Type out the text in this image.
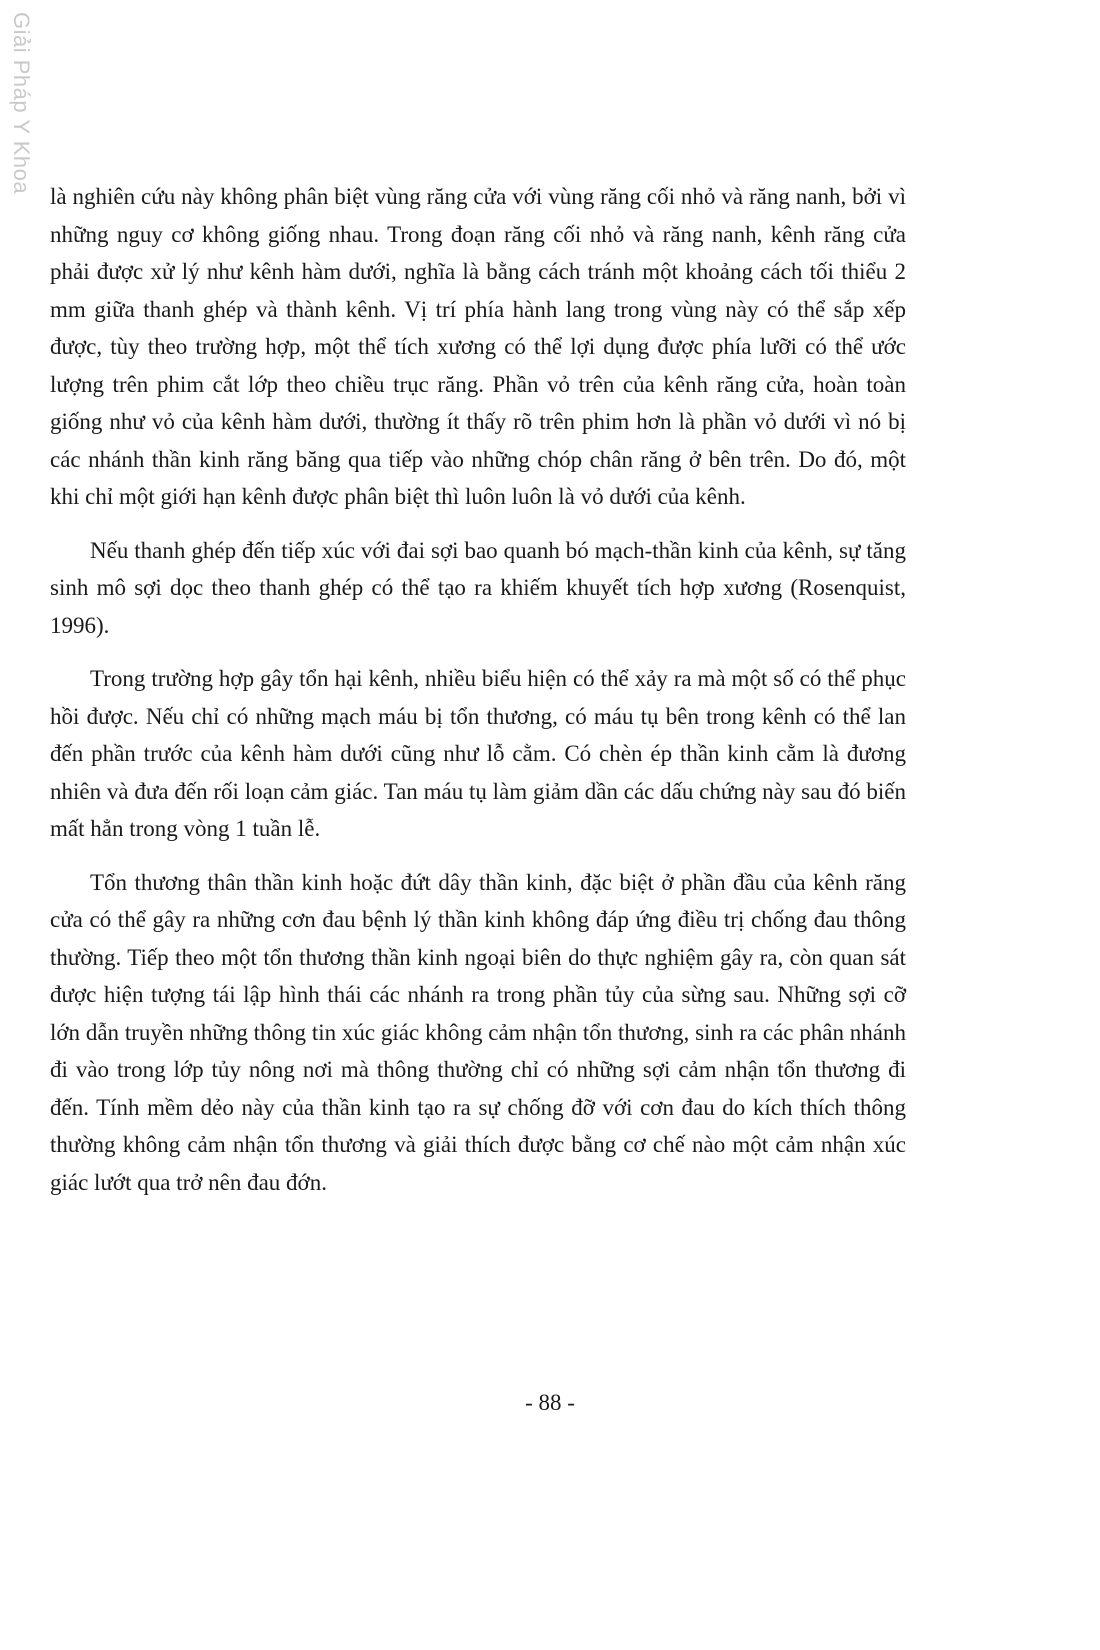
Giải Pháp Y Khoa

là nghiên cứu này không phân biệt vùng răng cửa với vùng răng cối nhỏ và răng nanh, bởi vì những nguy cơ không giống nhau. Trong đoạn răng cối nhỏ và răng nanh, kênh răng cửa phải được xử lý như kênh hàm dưới, nghĩa là bằng cách tránh một khoảng cách tối thiểu 2 mm giữa thanh ghép và thành kênh. Vị trí phía hành lang trong vùng này có thể sắp xếp được, tùy theo trường hợp, một thể tích xương có thể lợi dụng được phía lưỡi có thể ước lượng trên phim cắt lớp theo chiều trục răng. Phần vỏ trên của kênh răng cửa, hoàn toàn giống như vỏ của kênh hàm dưới, thường ít thấy rõ trên phim hơn là phần vỏ dưới vì nó bị các nhánh thần kinh răng băng qua tiếp vào những chóp chân răng ở bên trên. Do đó, một khi chỉ một giới hạn kênh được phân biệt thì luôn luôn là vỏ dưới của kênh.

Nếu thanh ghép đến tiếp xúc với đai sợi bao quanh bó mạch-thần kinh của kênh, sự tăng sinh mô sợi dọc theo thanh ghép có thể tạo ra khiếm khuyết tích hợp xương (Rosenquist, 1996).

Trong trường hợp gây tổn hại kênh, nhiều biểu hiện có thể xảy ra mà một số có thể phục hồi được. Nếu chỉ có những mạch máu bị tổn thương, có máu tụ bên trong kênh có thể lan đến phần trước của kênh hàm dưới cũng như lỗ cằm. Có chèn ép thần kinh cằm là đương nhiên và đưa đến rối loạn cảm giác. Tan máu tụ làm giảm dần các dấu chứng này sau đó biến mất hẳn trong vòng 1 tuần lễ.

Tổn thương thân thần kinh hoặc đứt dây thần kinh, đặc biệt ở phần đầu của kênh răng cửa có thể gây ra những cơn đau bệnh lý thần kinh không đáp ứng điều trị chống đau thông thường. Tiếp theo một tổn thương thần kinh ngoại biên do thực nghiệm gây ra, còn quan sát được hiện tượng tái lập hình thái các nhánh ra trong phần tủy của sừng sau. Những sợi cỡ lớn dẫn truyền những thông tin xúc giác không cảm nhận tổn thương, sinh ra các phân nhánh đi vào trong lớp tủy nông nơi mà thông thường chỉ có những sợi cảm nhận tổn thương đi đến. Tính mềm dẻo này của thần kinh tạo ra sự chống đỡ với cơn đau do kích thích thông thường không cảm nhận tổn thương và giải thích được bằng cơ chế nào một cảm nhận xúc giác lướt qua trở nên đau đớn.

- 88 -
